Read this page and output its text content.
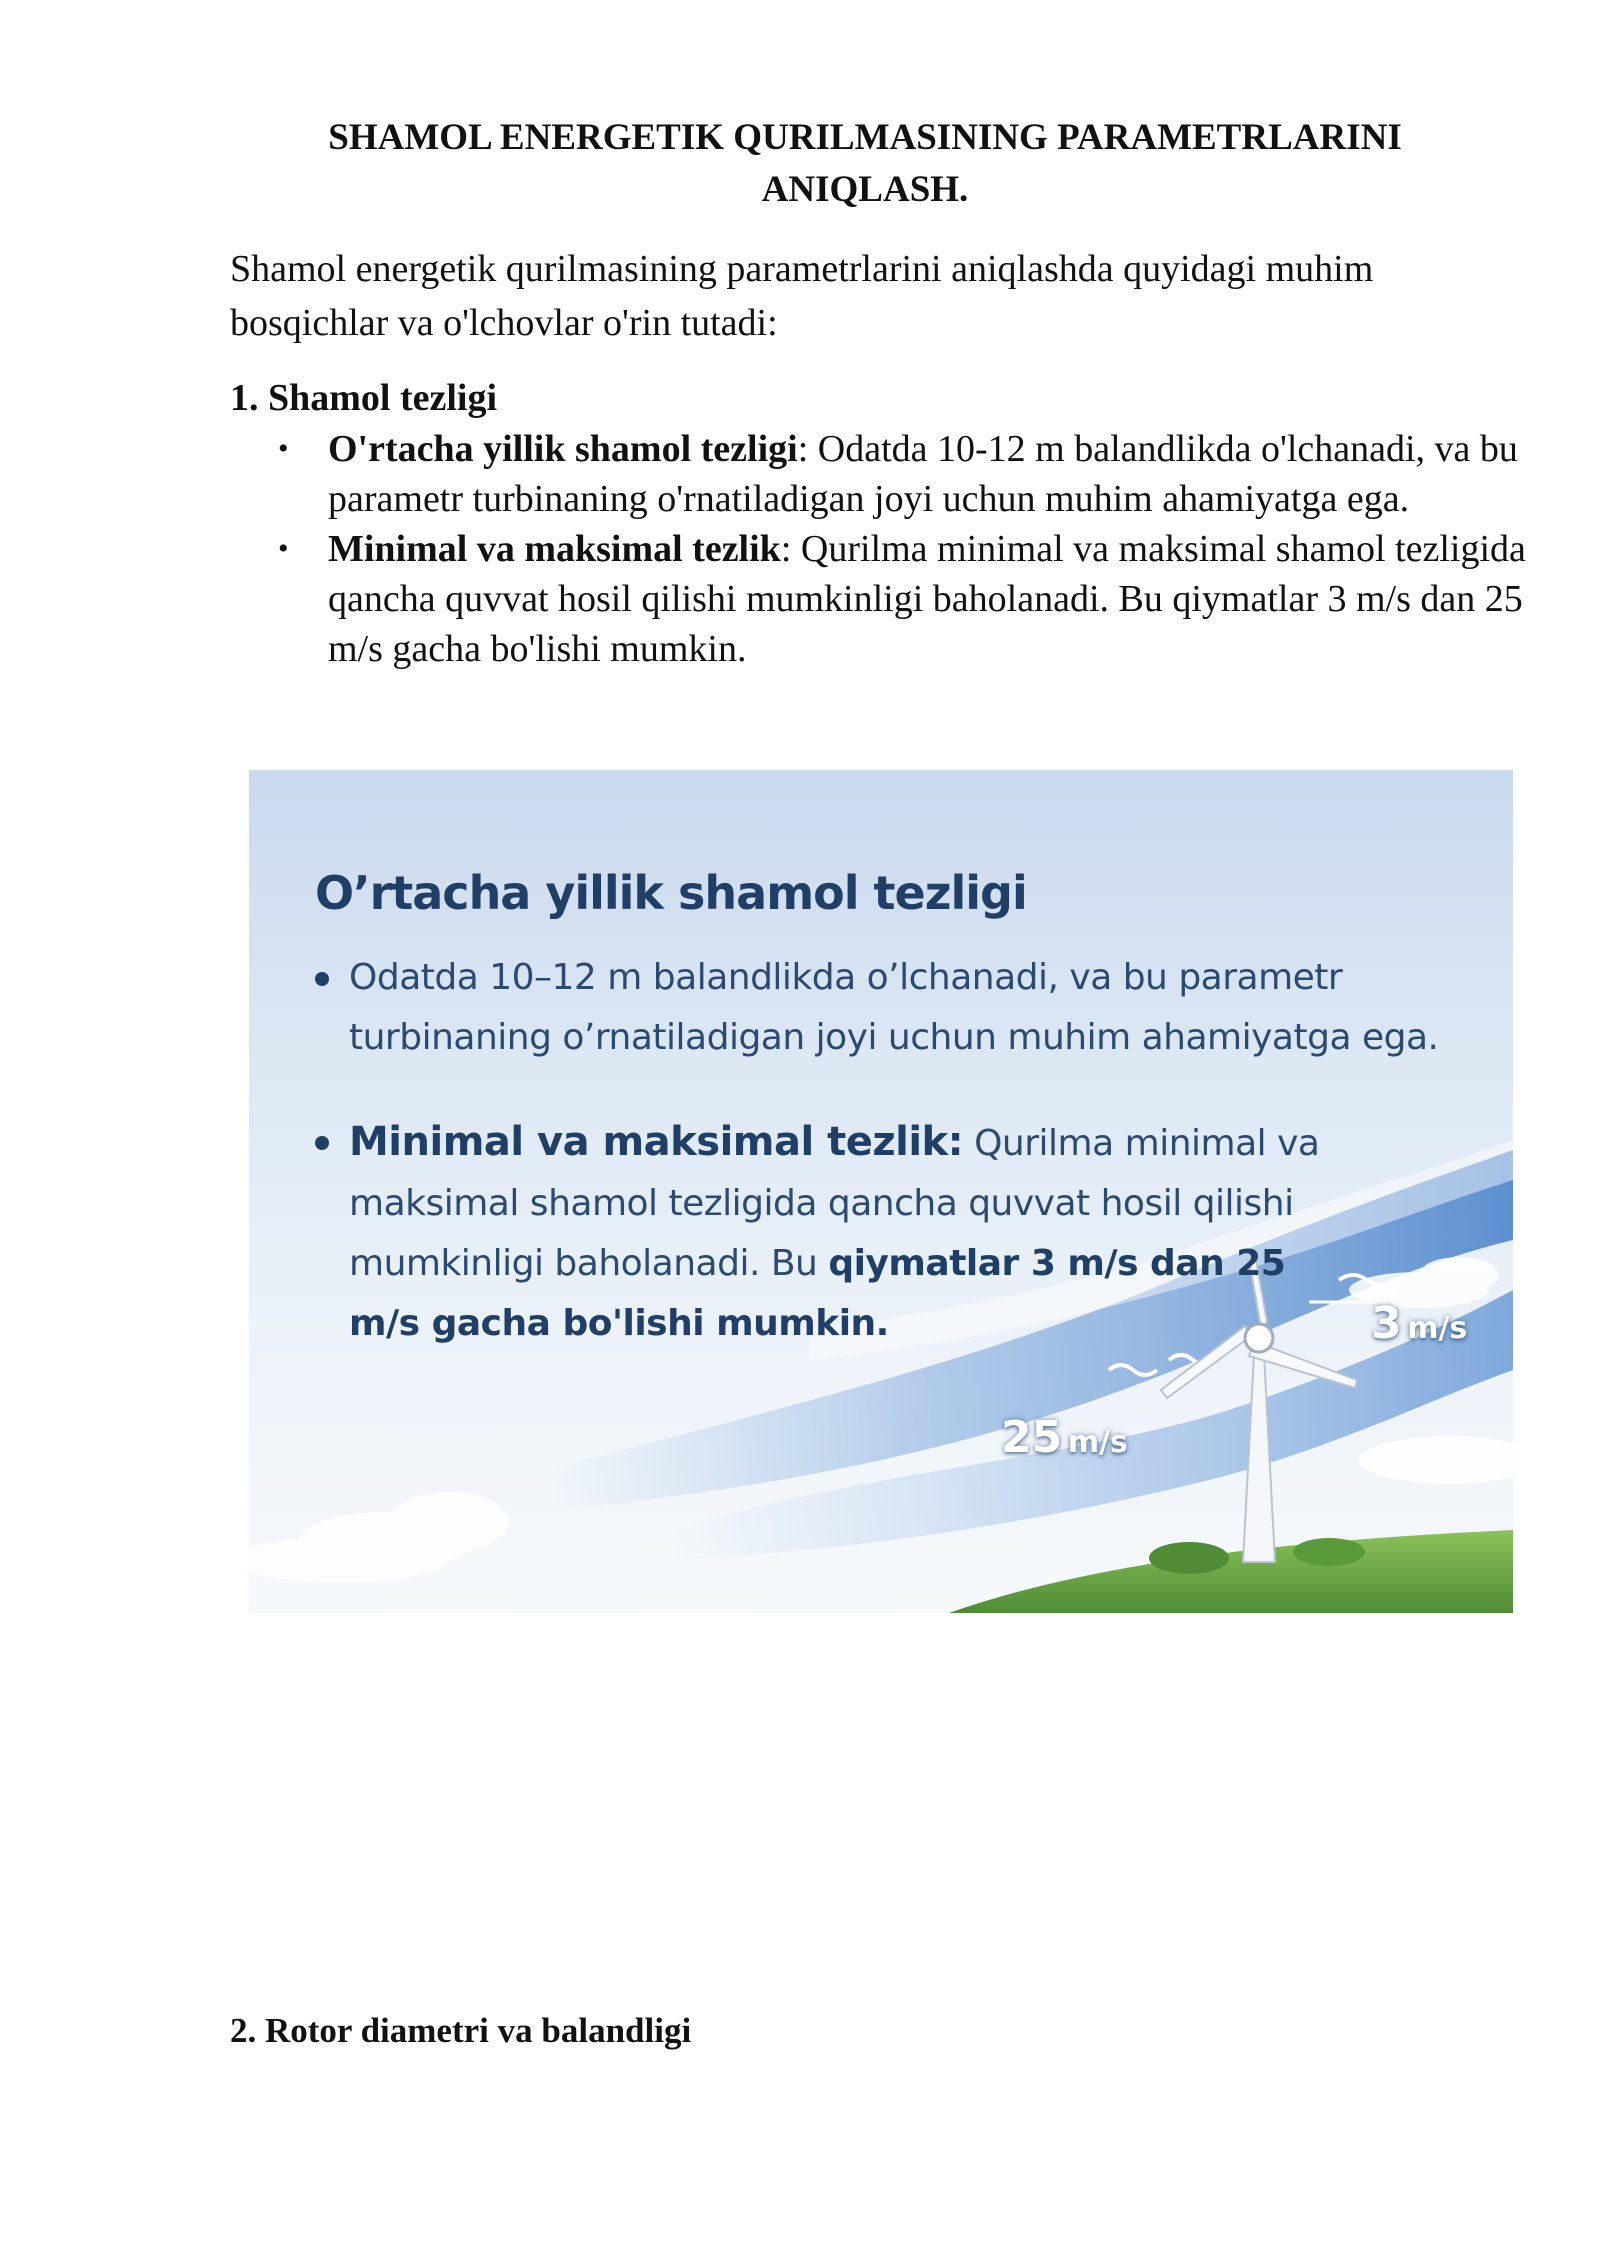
SHAMOL ENERGETIK QURILMASINING PARAMETRLARINI ANIQLASH.

Shamol energetik qurilmasining parametrlarini aniqlashda quyidagi muhim bosqichlar va o'lchovlar o'rin tutadi:

1. Shamol tezligi
• O'rtacha yillik shamol tezligi: Odatda 10-12 m balandlikda o'lchanadi, va bu parametr turbinaning o'rnatiladigan joyi uchun muhim ahamiyatga ega.
• Minimal va maksimal tezlik: Qurilma minimal va maksimal shamol tezligida qancha quvvat hosil qilishi mumkinligi baholanadi. Bu qiymatlar 3 m/s dan 25 m/s gacha bo'lishi mumkin.
O’rtacha yillik shamol tezligi
Odatda 10–12 m balandlikda o’lchanadi, va bu parametr turbinaning o’rnatiladigan joyi uchun muhim ahamiyatga ega.
Minimal va maksimal tezlik: Qurilma minimal va maksimal shamol tezligida qancha quvvat hosil qilishi mumkinligi baholanadi. Bu qiymatlar 3 m/s dan 25 m/s gacha bo'lishi mumkin.	3 m/s
25 m/s
2. Rotor diametri va balandligi
